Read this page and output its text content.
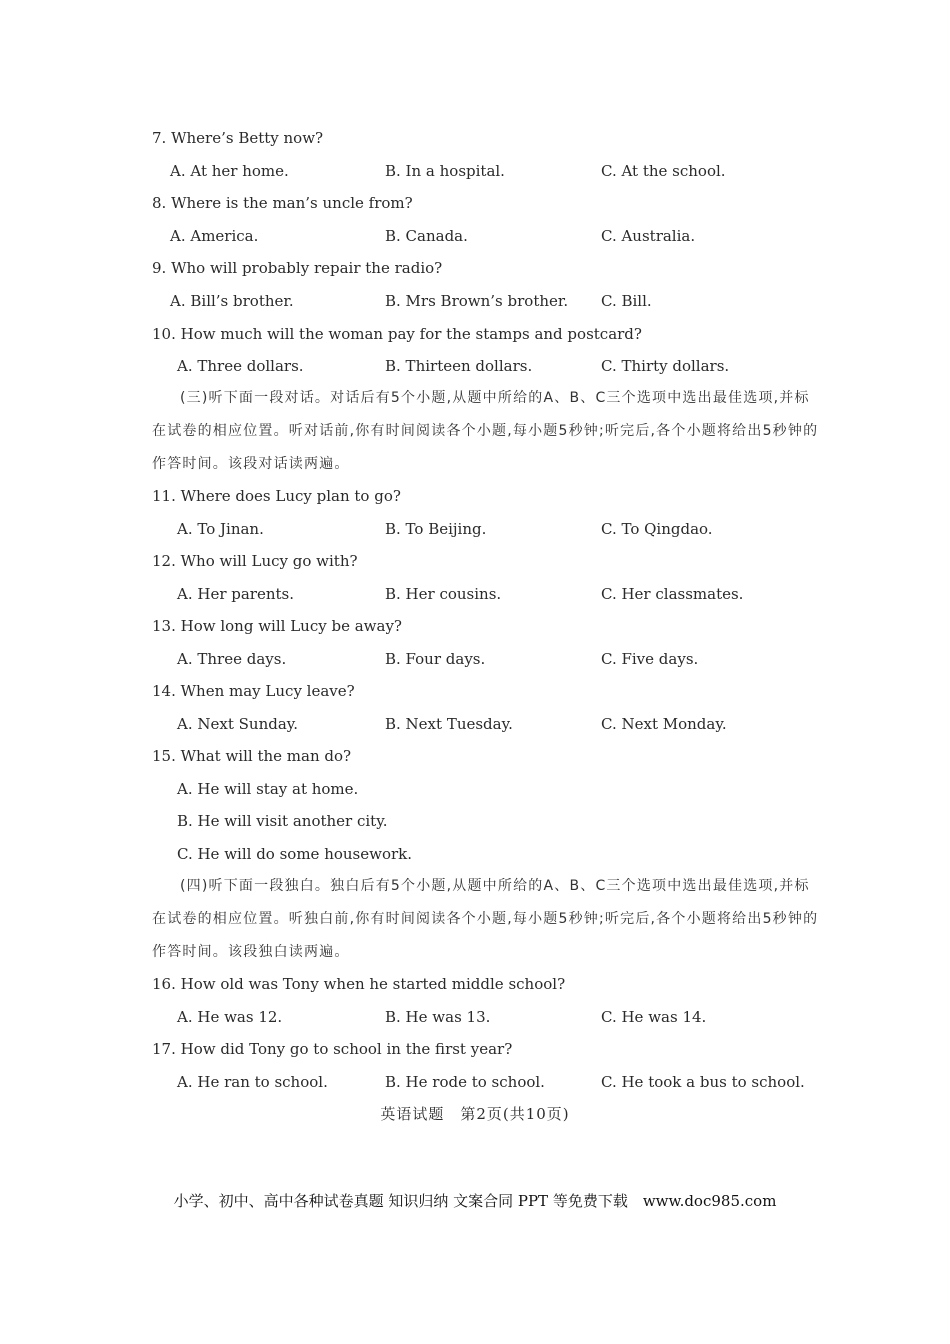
7. Where’s Betty now?
A. At her home.	B. In a hospital.	C. At the school.
8. Where is the man’s uncle from?
A. America.	B. Canada.	C. Australia.
9. Who will probably repair the radio?
A. Bill’s brother.	B. Mrs Brown’s brother. C. Bill.
10. How much will the woman pay for the stamps and postcard?
A. Three dollars.	B. Thirteen dollars.	C. Thirty dollars.
(三)听下面一段对话。对话后有5个小题,从题中所给的A、B、C三个选项中选出最佳选项,并标在试卷的相应位置。听对话前,你有时间阅读各个小题,每小题5秒钟;听完后,各个小题将给出5秒钟的作答时间。该段对话读两遍。
11. Where does Lucy plan to go?
A. To Jinan.	B. To Beijing.	C. To Qingdao.
12. Who will Lucy go with?
A. Her parents.	B. Her cousins.	C. Her classmates.
13. How long will Lucy be away?
A. Three days.	B. Four days.	C. Five days.
14. When may Lucy leave?
A. Next Sunday.	B. Next Tuesday.	C. Next Monday.
15. What will the man do?
A. He will stay at home.
B. He will visit another city.
C. He will do some housework.
(四)听下面一段独白。独白后有5个小题,从题中所给的A、B、C三个选项中选出最佳选项,并标在试卷的相应位置。听独白前,你有时间阅读各个小题,每小题5秒钟;听完后,各个小题将给出5秒钟的作答时间。该段独白读两遍。
16. How old was Tony when he started middle school?
A. He was 12.	B. He was 13.	C. He was 14.
17. How did Tony go to school in the first year?
A. He ran to school.	B. He rode to school.	C. He took a bus to school.
英语试题　第2页(共10页)
小学、初中、高中各种试卷真题 知识归纳 文案合同 PPT 等免费下载　www.doc985.com
